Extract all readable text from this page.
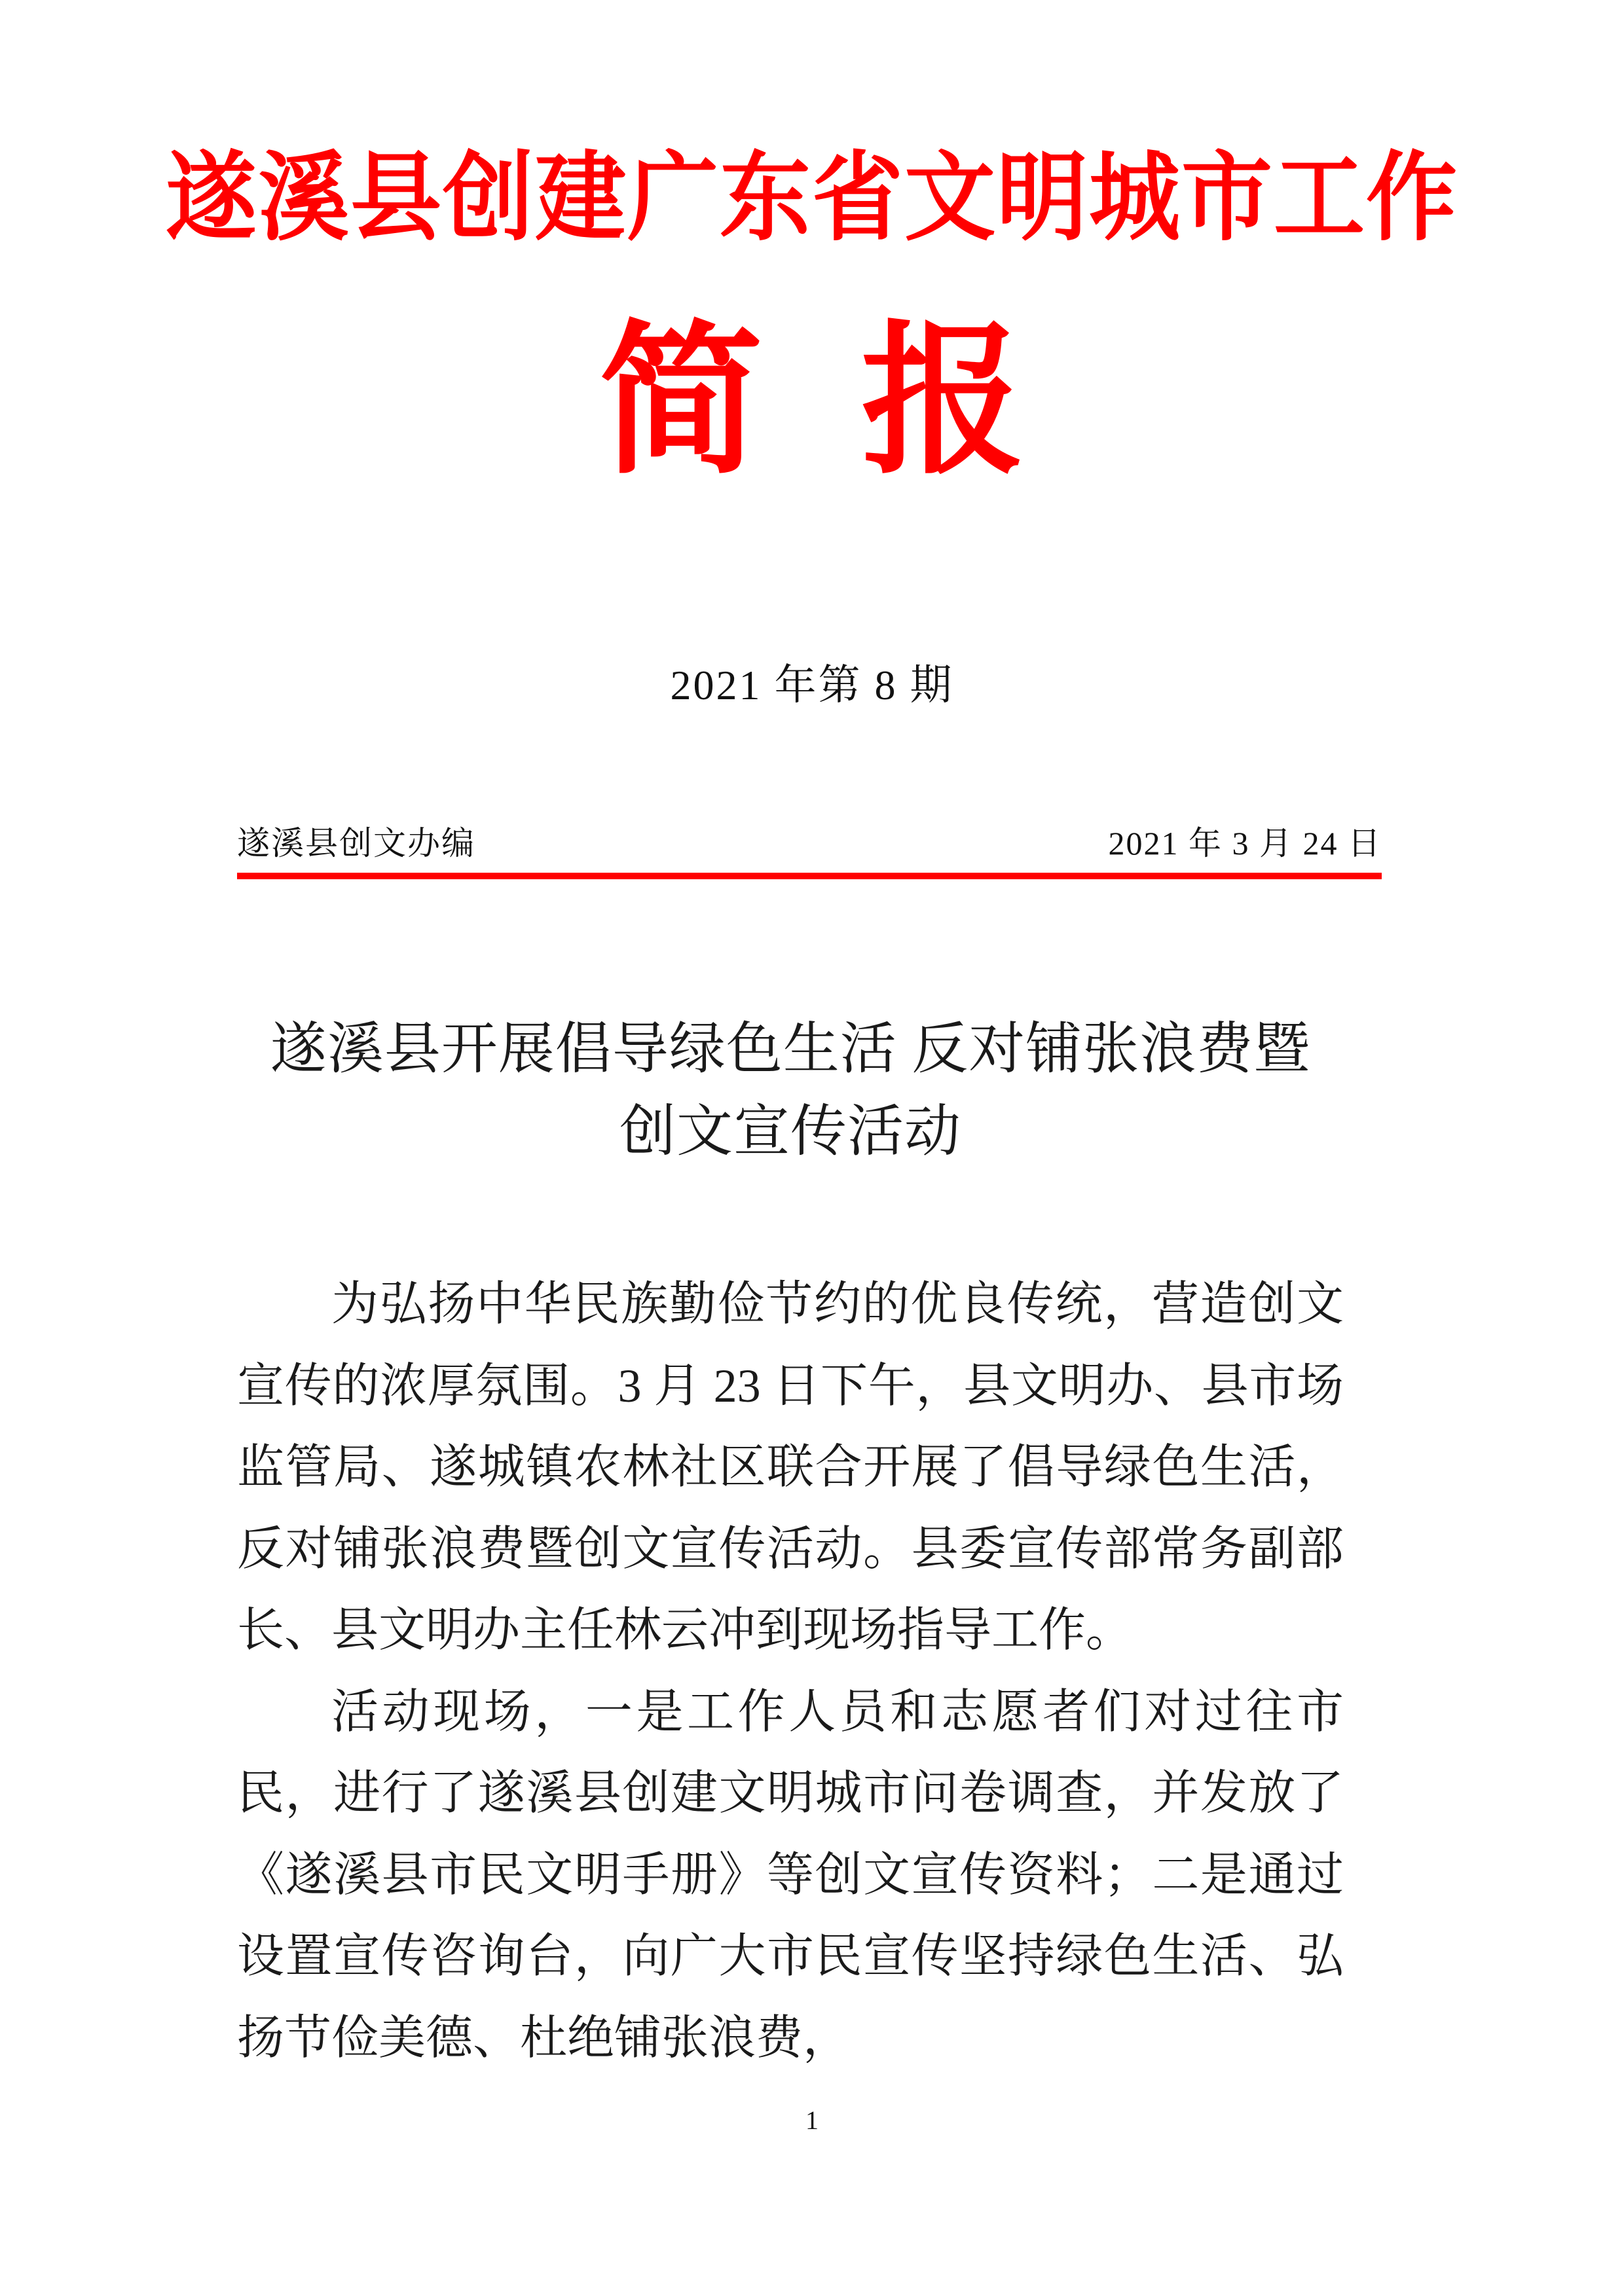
遂溪县创建广东省文明城市工作
简报
2021 年第 8 期
遂溪县创文办编	2021 年 3 月 24 日
遂溪县开展倡导绿色生活 反对铺张浪费暨
创文宣传活动

为弘扬中华民族勤俭节约的优良传统，营造创文宣传的浓厚氛围。3 月 23 日下午，县文明办、县市场监管局、遂城镇农林社区联合开展了倡导绿色生活，反对铺张浪费暨创文宣传活动。县委宣传部常务副部长、县文明办主任林云冲到现场指导工作。

活动现场，一是工作人员和志愿者们对过往市民，进行了遂溪县创建文明城市问卷调查，并发放了《遂溪县市民文明手册》等创文宣传资料；二是通过设置宣传咨询台，向广大市民宣传坚持绿色生活、弘扬节俭美德、杜绝铺张浪费，

1
